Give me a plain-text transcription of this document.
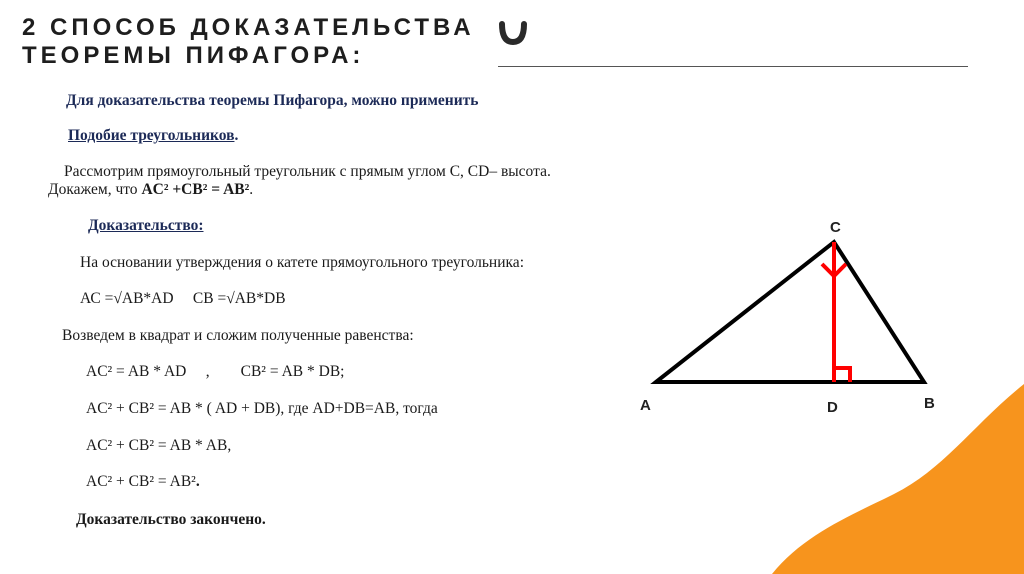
2 СПОСОБ ДОКАЗАТЕЛЬСТВА
ТЕОРЕМЫ ПИФАГОРА:
Для доказательства теоремы Пифагора, можно применить
Подобие треугольников.
Рассмотрим прямоугольный треугольник с прямым углом С, CD– высота.
Докажем, что AC² +CB² = AB².
Доказательство:
На основании утверждения о катете прямоугольного треугольника:
АС =√AB*AD     CB =√AB*DB
Возведем в квадрат и сложим полученные равенства:
AC² = AB * AD     ,        CB² = AB * DB;
AC² + CB² = AB * ( AD + DB), где AD+DB=AB, тогда
AC² + CB² = AB * AB,
AC² + CB² = AB².
Доказательство закончено.
C
A	D	B
